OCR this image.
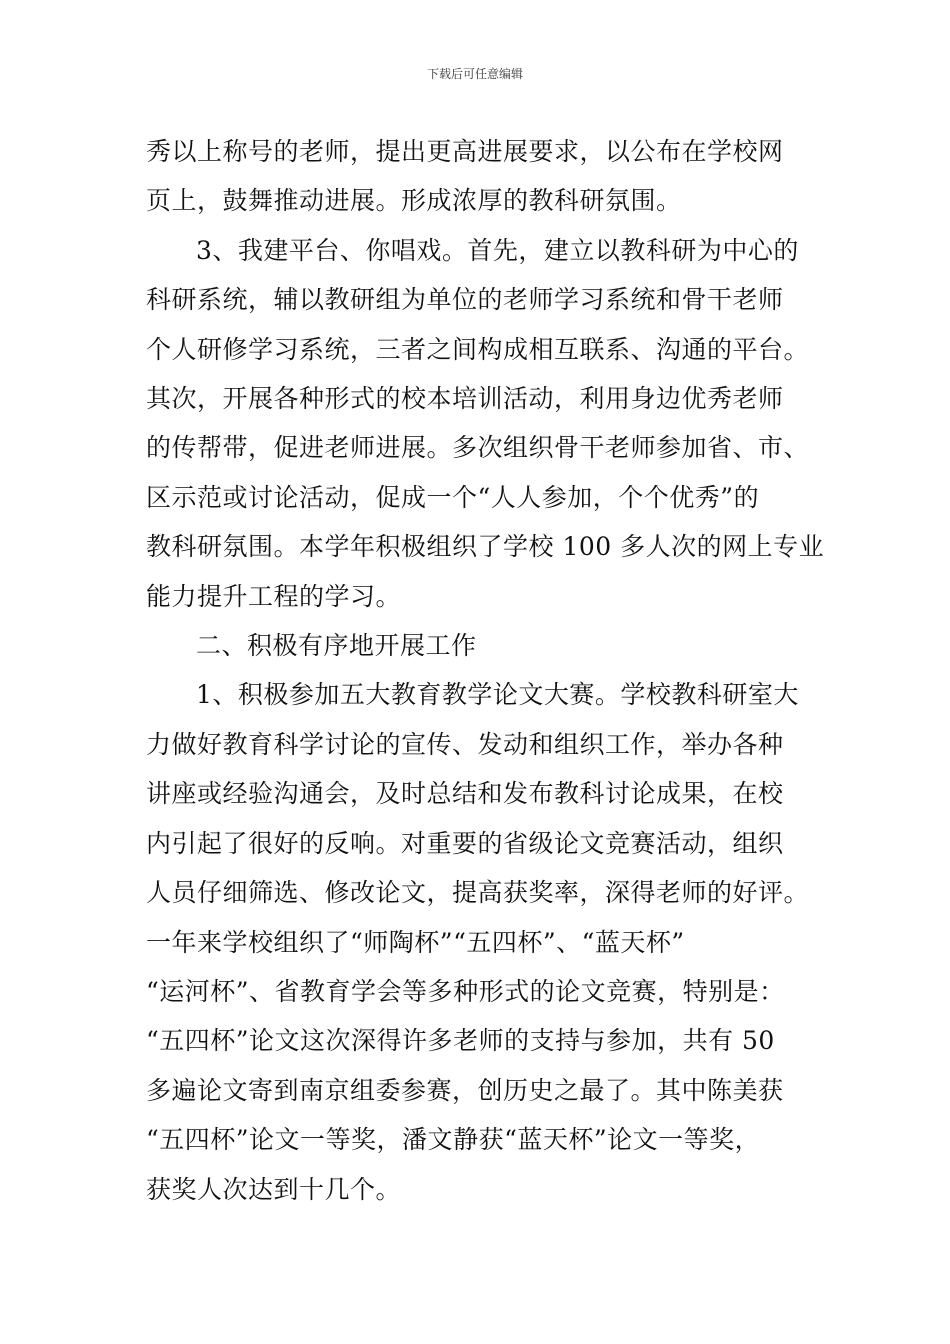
下载后可任意编辑

秀以上称号的老师，提出更高进展要求，以公布在学校网
页上，鼓舞推动进展。形成浓厚的教科研氛围。

3、我建平台、你唱戏。首先，建立以教科研为中心的
科研系统，辅以教研组为单位的老师学习系统和骨干老师
个人研修学习系统，三者之间构成相互联系、沟通的平台。
其次，开展各种形式的校本培训活动，利用身边优秀老师
的传帮带，促进老师进展。多次组织骨干老师参加省、市、
区示范或讨论活动，促成一个“人人参加，个个优秀”的
教科研氛围。本学年积极组织了学校 100 多人次的网上专业
能力提升工程的学习。

二、积极有序地开展工作

1、积极参加五大教育教学论文大赛。学校教科研室大
力做好教育科学讨论的宣传、发动和组织工作，举办各种
讲座或经验沟通会，及时总结和发布教科讨论成果，在校
内引起了很好的反响。对重要的省级论文竞赛活动，组织
人员仔细筛选、修改论文，提高获奖率，深得老师的好评。
一年来学校组织了“师陶杯”“五四杯”、“蓝天杯”
“运河杯”、省教育学会等多种形式的论文竞赛，特别是：
“五四杯”论文这次深得许多老师的支持与参加，共有 50
多遍论文寄到南京组委参赛，创历史之最了。其中陈美获
“五四杯”论文一等奖，潘文静获“蓝天杯”论文一等奖，
获奖人次达到十几个。
